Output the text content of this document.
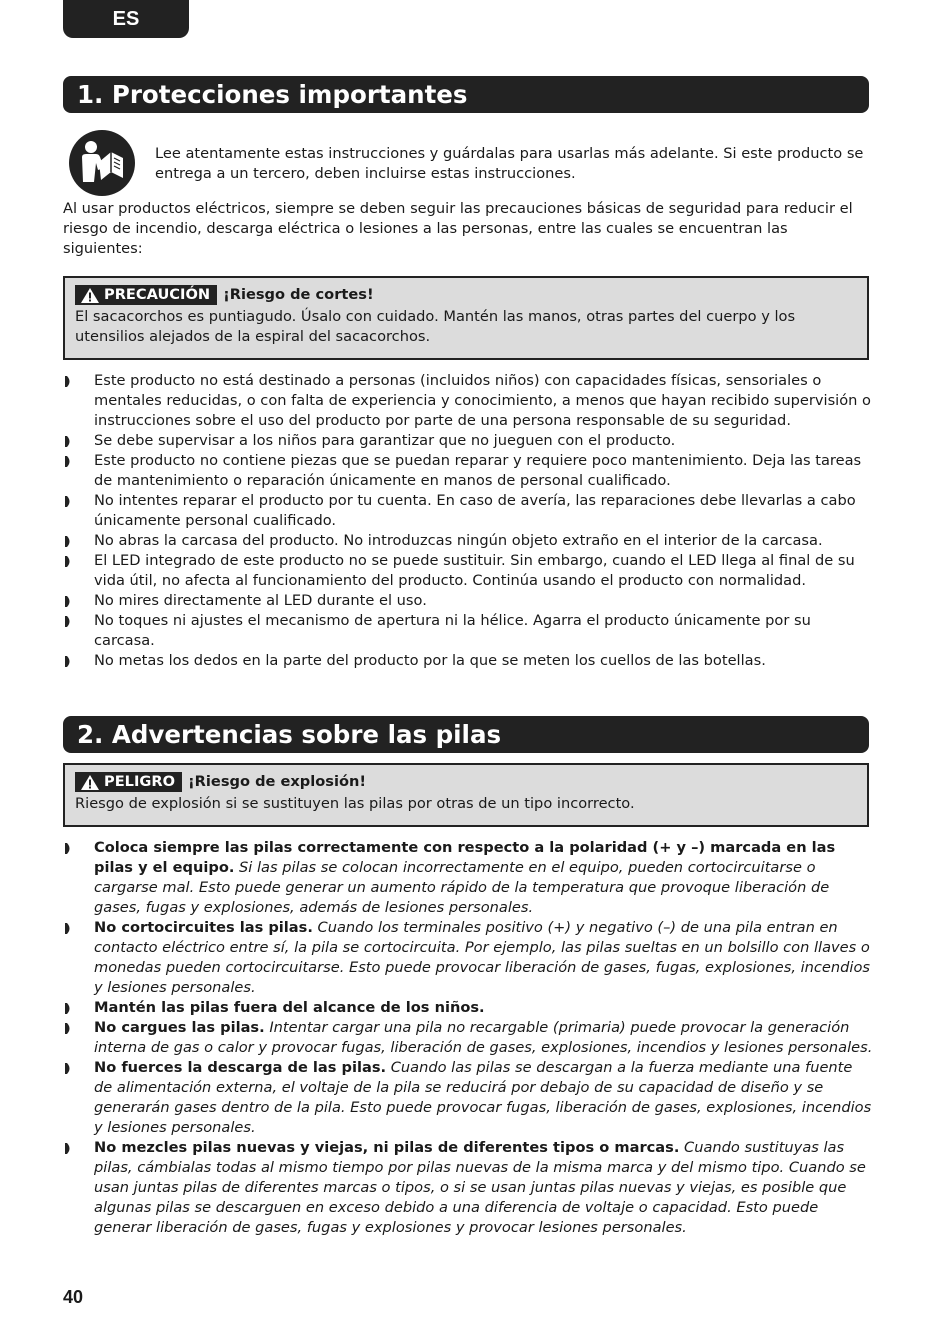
ES
1. Protecciones importantes
Lee atentamente estas instrucciones y guárdalas para usarlas más adelante. Si este producto se entrega a un tercero, deben incluirse estas instrucciones.
Al usar productos eléctricos, siempre se deben seguir las precauciones básicas de seguridad para reducir el riesgo de incendio, descarga eléctrica o lesiones a las personas, entre las cuales se encuentran las siguientes:
PRECAUCIÓN ¡Riesgo de cortes!
El sacacorchos es puntiagudo. Úsalo con cuidado. Mantén las manos, otras partes del cuerpo y los utensilios alejados de la espiral del sacacorchos.
Este producto no está destinado a personas (incluidos niños) con capacidades físicas, sensoriales o mentales reducidas, o con falta de experiencia y conocimiento, a menos que hayan recibido supervisión o instrucciones sobre el uso del producto por parte de una persona responsable de su seguridad.
Se debe supervisar a los niños para garantizar que no jueguen con el producto.
Este producto no contiene piezas que se puedan reparar y requiere poco mantenimiento. Deja las tareas de mantenimiento o reparación únicamente en manos de personal cualificado.
No intentes reparar el producto por tu cuenta. En caso de avería, las reparaciones debe llevarlas a cabo únicamente personal cualificado.
No abras la carcasa del producto. No introduzcas ningún objeto extraño en el interior de la carcasa.
El LED integrado de este producto no se puede sustituir. Sin embargo, cuando el LED llega al final de su vida útil, no afecta al funcionamiento del producto. Continúa usando el producto con normalidad.
No mires directamente al LED durante el uso.
No toques ni ajustes el mecanismo de apertura ni la hélice. Agarra el producto únicamente por su carcasa.
No metas los dedos en la parte del producto por la que se meten los cuellos de las botellas.
2. Advertencias sobre las pilas
PELIGRO ¡Riesgo de explosión!
Riesgo de explosión si se sustituyen las pilas por otras de un tipo incorrecto.
Coloca siempre las pilas correctamente con respecto a la polaridad (+ y –) marcada en las pilas y el equipo. Si las pilas se colocan incorrectamente en el equipo, pueden cortocircuitarse o cargarse mal. Esto puede generar un aumento rápido de la temperatura que provoque liberación de gases, fugas y explosiones, además de lesiones personales.
No cortocircuites las pilas. Cuando los terminales positivo (+) y negativo (–) de una pila entran en contacto eléctrico entre sí, la pila se cortocircuita. Por ejemplo, las pilas sueltas en un bolsillo con llaves o monedas pueden cortocircuitarse. Esto puede provocar liberación de gases, fugas, explosiones, incendios y lesiones personales.
Mantén las pilas fuera del alcance de los niños.
No cargues las pilas. Intentar cargar una pila no recargable (primaria) puede provocar la generación interna de gas o calor y provocar fugas, liberación de gases, explosiones, incendios y lesiones personales.
No fuerces la descarga de las pilas. Cuando las pilas se descargan a la fuerza mediante una fuente de alimentación externa, el voltaje de la pila se reducirá por debajo de su capacidad de diseño y se generarán gases dentro de la pila. Esto puede provocar fugas, liberación de gases, explosiones, incendios y lesiones personales.
No mezcles pilas nuevas y viejas, ni pilas de diferentes tipos o marcas. Cuando sustituyas las pilas, cámbialas todas al mismo tiempo por pilas nuevas de la misma marca y del mismo tipo. Cuando se usan juntas pilas de diferentes marcas o tipos, o si se usan juntas pilas nuevas y viejas, es posible que algunas pilas se descarguen en exceso debido a una diferencia de voltaje o capacidad. Esto puede generar liberación de gases, fugas y explosiones y provocar lesiones personales.
40
